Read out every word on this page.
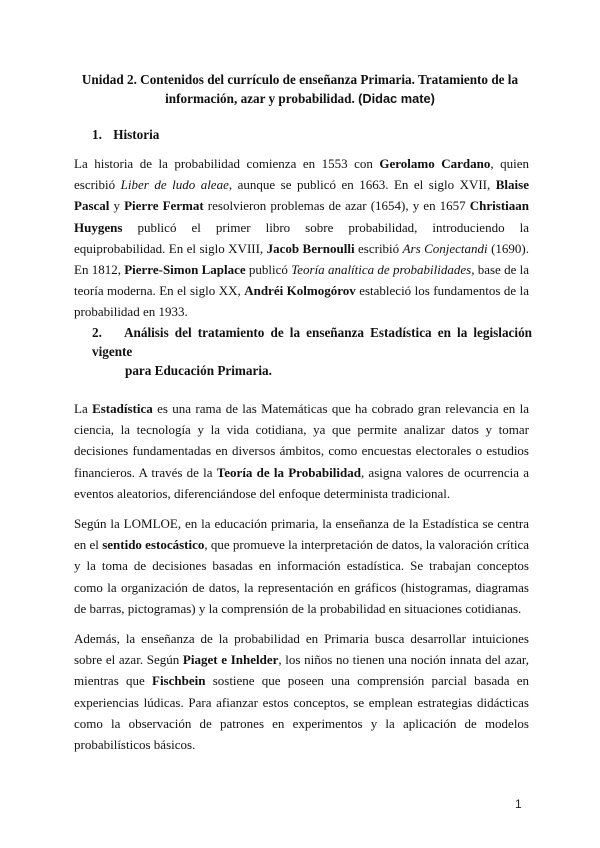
Unidad 2. Contenidos del currículo de enseñanza Primaria. Tratamiento de la información, azar y probabilidad. (Didac mate)
1. Historia

La historia de la probabilidad comienza en 1553 con Gerolamo Cardano, quien escribió Liber de ludo aleae, aunque se publicó en 1663. En el siglo XVII, Blaise Pascal y Pierre Fermat resolvieron problemas de azar (1654), y en 1657 Christiaan Huygens publicó el primer libro sobre probabilidad, introduciendo la equiprobabilidad. En el siglo XVIII, Jacob Bernoulli escribió Ars Conjectandi (1690). En 1812, Pierre-Simon Laplace publicó Teoría analítica de probabilidades, base de la teoría moderna. En el siglo XX, Andréi Kolmogórov estableció los fundamentos de la probabilidad en 1933.

2. Análisis del tratamiento de la enseñanza Estadística en la legislación vigente
para Educación Primaria.

La Estadística es una rama de las Matemáticas que ha cobrado gran relevancia en la ciencia, la tecnología y la vida cotidiana, ya que permite analizar datos y tomar decisiones fundamentadas en diversos ámbitos, como encuestas electorales o estudios financieros. A través de la Teoría de la Probabilidad, asigna valores de ocurrencia a eventos aleatorios, diferenciándose del enfoque determinista tradicional.

Según la LOMLOE, en la educación primaria, la enseñanza de la Estadística se centra en el sentido estocástico, que promueve la interpretación de datos, la valoración crítica y la toma de decisiones basadas en información estadística. Se trabajan conceptos como la organización de datos, la representación en gráficos (histogramas, diagramas de barras, pictogramas) y la comprensión de la probabilidad en situaciones cotidianas.

Además, la enseñanza de la probabilidad en Primaria busca desarrollar intuiciones sobre el azar. Según Piaget e Inhelder, los niños no tienen una noción innata del azar, mientras que Fischbein sostiene que poseen una comprensión parcial basada en experiencias lúdicas. Para afianzar estos conceptos, se emplean estrategias didácticas como la observación de patrones en experimentos y la aplicación de modelos probabilísticos básicos.

1
